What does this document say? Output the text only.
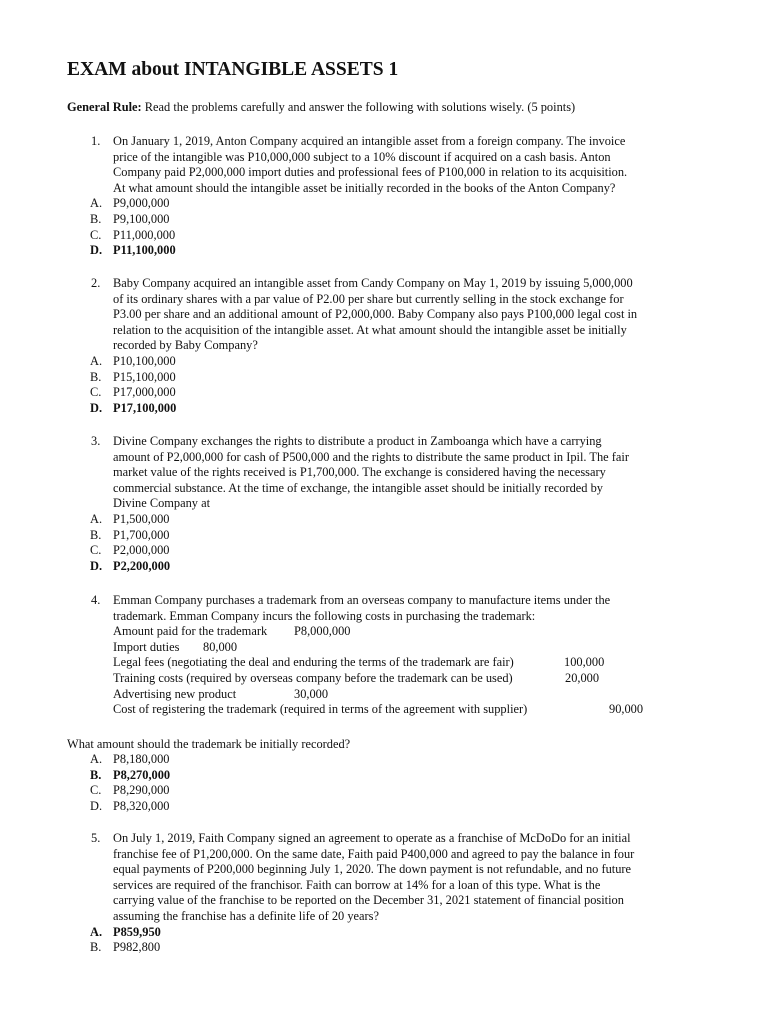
EXAM about INTANGIBLE ASSETS 1
General Rule: Read the problems carefully and answer the following with solutions wisely. (5 points)
1. On January 1, 2019, Anton Company acquired an intangible asset from a foreign company. The invoice
price of the intangible was P10,000,000 subject to a 10% discount if acquired on a cash basis. Anton
Company paid P2,000,000 import duties and professional fees of P100,000 in relation to its acquisition.
At what amount should the intangible asset be initially recorded in the books of the Anton Company?
A. P9,000,000
B. P9,100,000
C. P11,000,000
D. P11,100,000
2. Baby Company acquired an intangible asset from Candy Company on May 1, 2019 by issuing 5,000,000
of its ordinary shares with a par value of P2.00 per share but currently selling in the stock exchange for
P3.00 per share and an additional amount of P2,000,000. Baby Company also pays P100,000 legal cost in
relation to the acquisition of the intangible asset. At what amount should the intangible asset be initially
recorded by Baby Company?
A. P10,100,000
B. P15,100,000
C. P17,000,000
D. P17,100,000
3. Divine Company exchanges the rights to distribute a product in Zamboanga which have a carrying
amount of P2,000,000 for cash of P500,000 and the rights to distribute the same product in Ipil. The fair
market value of the rights received is P1,700,000. The exchange is considered having the necessary
commercial substance. At the time of exchange, the intangible asset should be initially recorded by
Divine Company at
A. P1,500,000
B. P1,700,000
C. P2,000,000
D. P2,200,000
4. Emman Company purchases a trademark from an overseas company to manufacture items under the
trademark. Emman Company incurs the following costs in purchasing the trademark:
Amount paid for the trademark P8,000,000
Import duties 80,000
Legal fees (negotiating the deal and enduring the terms of the trademark are fair)	100,000
Training costs (required by overseas company before the trademark can be used)	20,000
Advertising new product	30,000
Cost of registering the trademark (required in terms of the agreement with supplier)	90,000
What amount should the trademark be initially recorded?
A. P8,180,000
B. P8,270,000
C. P8,290,000
D. P8,320,000
5. On July 1, 2019, Faith Company signed an agreement to operate as a franchise of McDoDo for an initial
franchise fee of P1,200,000. On the same date, Faith paid P400,000 and agreed to pay the balance in four
equal payments of P200,000 beginning July 1, 2020. The down payment is not refundable, and no future
services are required of the franchisor. Faith can borrow at 14% for a loan of this type. What is the
carrying value of the franchise to be reported on the December 31, 2021 statement of financial position
assuming the franchise has a definite life of 20 years?
A. P859,950
B. P982,800
